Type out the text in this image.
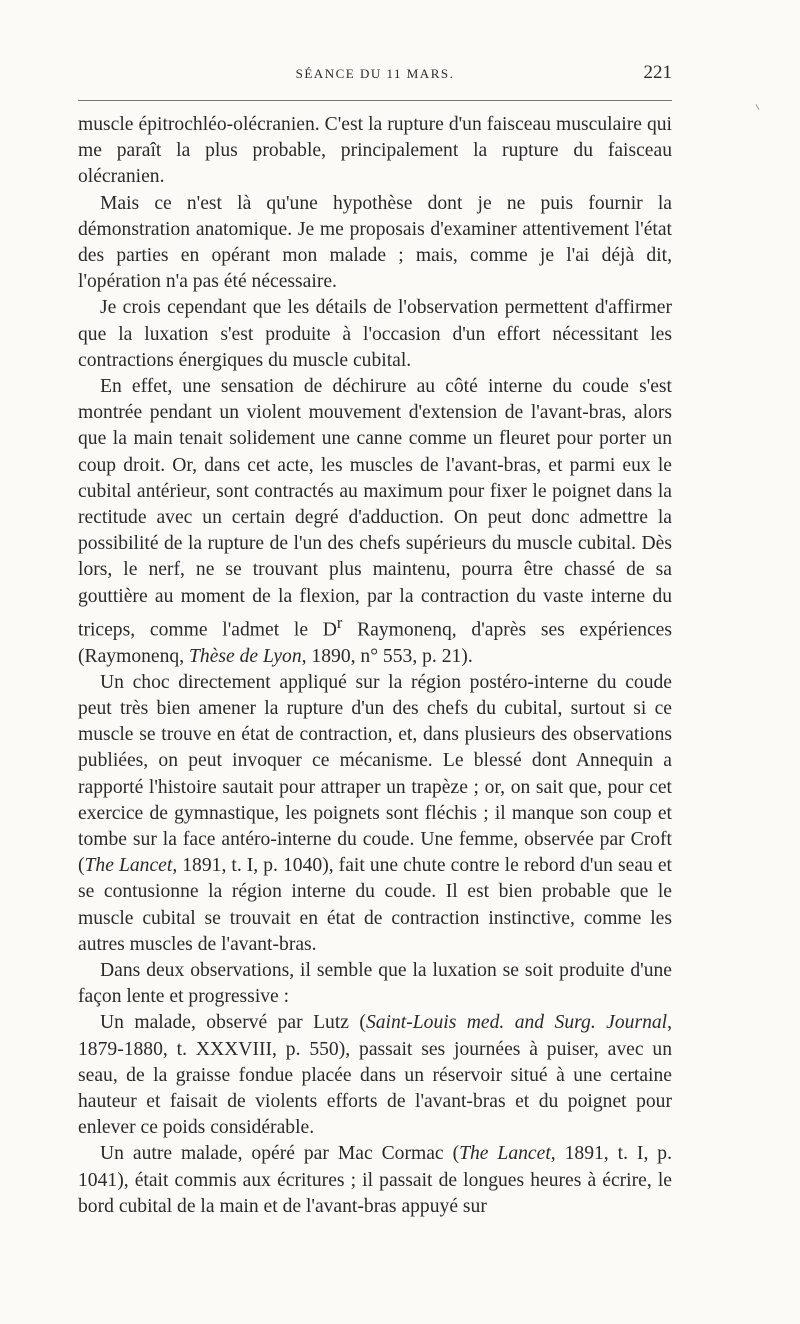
SÉANCE DU 11 MARS.	221

muscle épitrochléo-olécranien. C'est la rupture d'un faisceau musculaire qui me paraît la plus probable, principalement la rupture du faisceau olécranien.

Mais ce n'est là qu'une hypothèse dont je ne puis fournir la démonstration anatomique. Je me proposais d'examiner attentivement l'état des parties en opérant mon malade ; mais, comme je l'ai déjà dit, l'opération n'a pas été nécessaire.

Je crois cependant que les détails de l'observation permettent d'affirmer que la luxation s'est produite à l'occasion d'un effort nécessitant les contractions énergiques du muscle cubital.

En effet, une sensation de déchirure au côté interne du coude s'est montrée pendant un violent mouvement d'extension de l'avant-bras, alors que la main tenait solidement une canne comme un fleuret pour porter un coup droit. Or, dans cet acte, les muscles de l'avant-bras, et parmi eux le cubital antérieur, sont contractés au maximum pour fixer le poignet dans la rectitude avec un certain degré d'adduction. On peut donc admettre la possibilité de la rupture de l'un des chefs supérieurs du muscle cubital. Dès lors, le nerf, ne se trouvant plus maintenu, pourra être chassé de sa gouttière au moment de la flexion, par la contraction du vaste interne du triceps, comme l'admet le $D^r$ Raymonenq, d'après ses expériences (Raymonenq, Thèse de Lyon, 1890, n° 553, p. 21).

Un choc directement appliqué sur la région postéro-interne du coude peut très bien amener la rupture d'un des chefs du cubital, surtout si ce muscle se trouve en état de contraction, et, dans plusieurs des observations publiées, on peut invoquer ce mécanisme. Le blessé dont Annequin a rapporté l'histoire sautait pour attraper un trapèze ; or, on sait que, pour cet exercice de gymnastique, les poignets sont fléchis ; il manque son coup et tombe sur la face antéro-interne du coude. Une femme, observée par Croft (The Lancet, 1891, t. I, p. 1040), fait une chute contre le rebord d'un seau et se contusionne la région interne du coude. Il est bien probable que le muscle cubital se trouvait en état de contraction instinctive, comme les autres muscles de l'avant-bras.

Dans deux observations, il semble que la luxation se soit produite d'une façon lente et progressive :

Un malade, observé par Lutz (Saint-Louis med. and Surg. Journal, 1879-1880, t. XXXVIII, p. 550), passait ses journées à puiser, avec un seau, de la graisse fondue placée dans un réservoir situé à une certaine hauteur et faisait de violents efforts de l'avant-bras et du poignet pour enlever ce poids considérable.

Un autre malade, opéré par Mac Cormac (The Lancet, 1891, t. I, p. 1041), était commis aux écritures ; il passait de longues heures à écrire, le bord cubital de la main et de l'avant-bras appuyé sur
